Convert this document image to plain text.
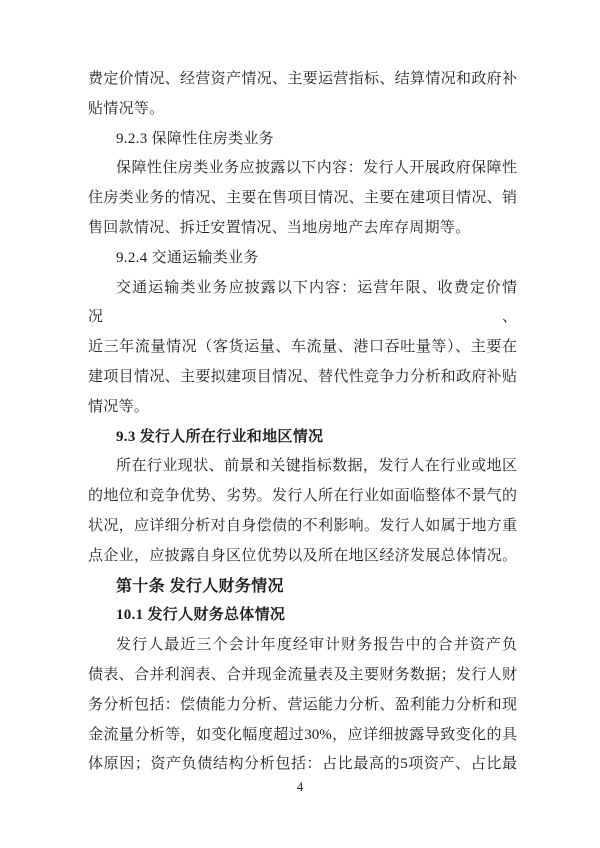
费定价情况、经营资产情况、主要运营指标、结算情况和政府补
贴情况等。
9.2.3 保障性住房类业务
保障性住房类业务应披露以下内容：发行人开展政府保障性
住房类业务的情况、主要在售项目情况、主要在建项目情况、销
售回款情况、拆迁安置情况、当地房地产去库存周期等。
9.2.4 交通运输类业务
交通运输类业务应披露以下内容：运营年限、收费定价情况、
近三年流量情况（客货运量、车流量、港口吞吐量等）、主要在
建项目情况、主要拟建项目情况、替代性竞争力分析和政府补贴
情况等。
9.3 发行人所在行业和地区情况
所在行业现状、前景和关键指标数据，发行人在行业或地区
的地位和竞争优势、劣势。发行人所在行业如面临整体不景气的
状况，应详细分析对自身偿债的不利影响。发行人如属于地方重
点企业，应披露自身区位优势以及所在地区经济发展总体情况。
第十条 发行人财务情况
10.1 发行人财务总体情况
发行人最近三个会计年度经审计财务报告中的合并资产负
债表、合并利润表、合并现金流量表及主要财务数据；发行人财
务分析包括：偿债能力分析、营运能力分析、盈利能力分析和现
金流量分析等，如变化幅度超过30%，应详细披露导致变化的具
体原因；资产负债结构分析包括：占比最高的5项资产、占比最
4
